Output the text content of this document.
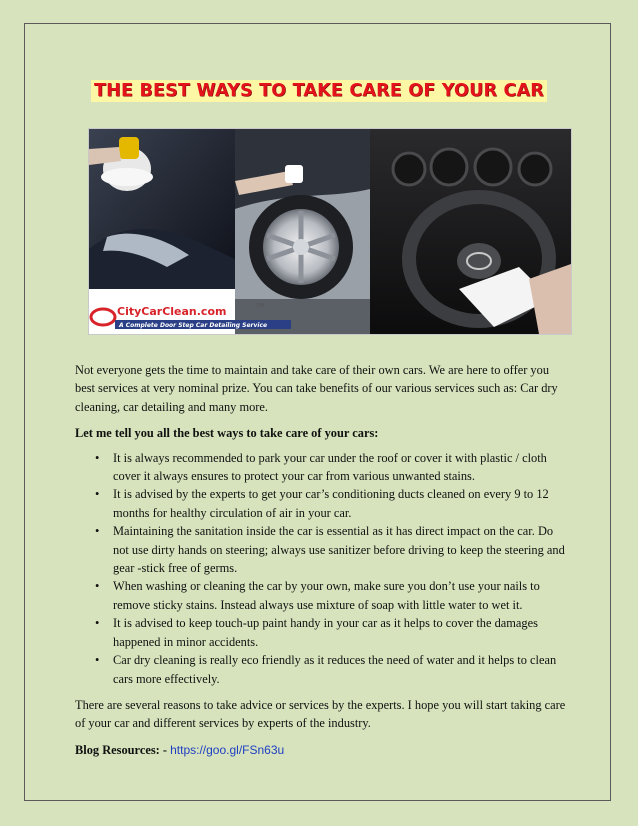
THE BEST WAYS TO TAKE CARE OF YOUR CAR
CityCarClean.com	TM
A Complete Door Step Car Detailing Service

Not everyone gets the time to maintain and take care of their own cars. We are here to offer you best services at very nominal prize. You can take benefits of our various services such as: Car dry cleaning, car detailing and many more.

Let me tell you all the best ways to take care of your cars:

• It is always recommended to park your car under the roof or cover it with plastic / cloth cover it always ensures to protect your car from various unwanted stains.
• It is advised by the experts to get your car’s conditioning ducts cleaned on every 9 to 12 months for healthy circulation of air in your car.
• Maintaining the sanitation inside the car is essential as it has direct impact on the car. Do not use dirty hands on steering; always use sanitizer before driving to keep the steering and gear -stick free of germs.
• When washing or cleaning the car by your own, make sure you don’t use your nails to remove sticky stains. Instead always use mixture of soap with little water to wet it.
• It is advised to keep touch-up paint handy in your car as it helps to cover the damages happened in minor accidents.
• Car dry cleaning is really eco friendly as it reduces the need of water and it helps to clean cars more effectively.

There are several reasons to take advice or services by the experts. I hope you will start taking care of your car and different services by experts of the industry.

Blog Resources: - https://goo.gl/FSn63u
